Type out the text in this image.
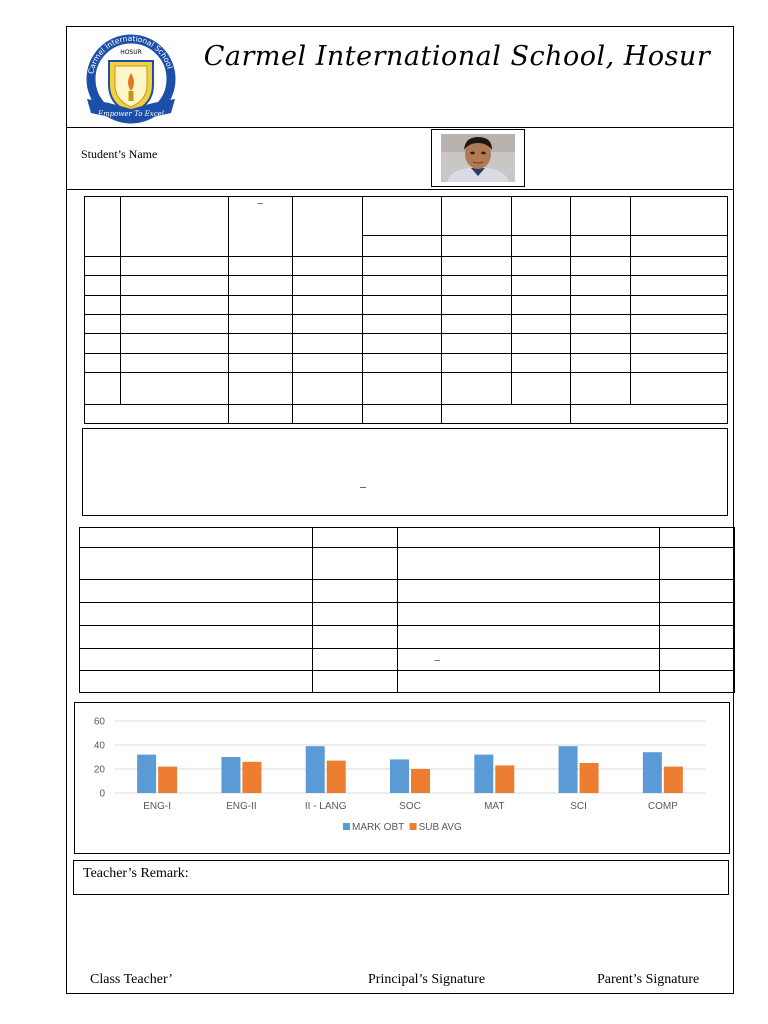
Carmel International School
HOSUR
Empower To Excel
Carmel International School, Hosur
Student’s Name
		–						

–

		–	

0
20
40
60
ENG-I	ENG-II	II - LANG	SOC	MAT	SCI	COMP
MARK OBT SUB AVG
Teacher’s Remark:
Class Teacher’	Principal’s Signature	Parent’s Signature
